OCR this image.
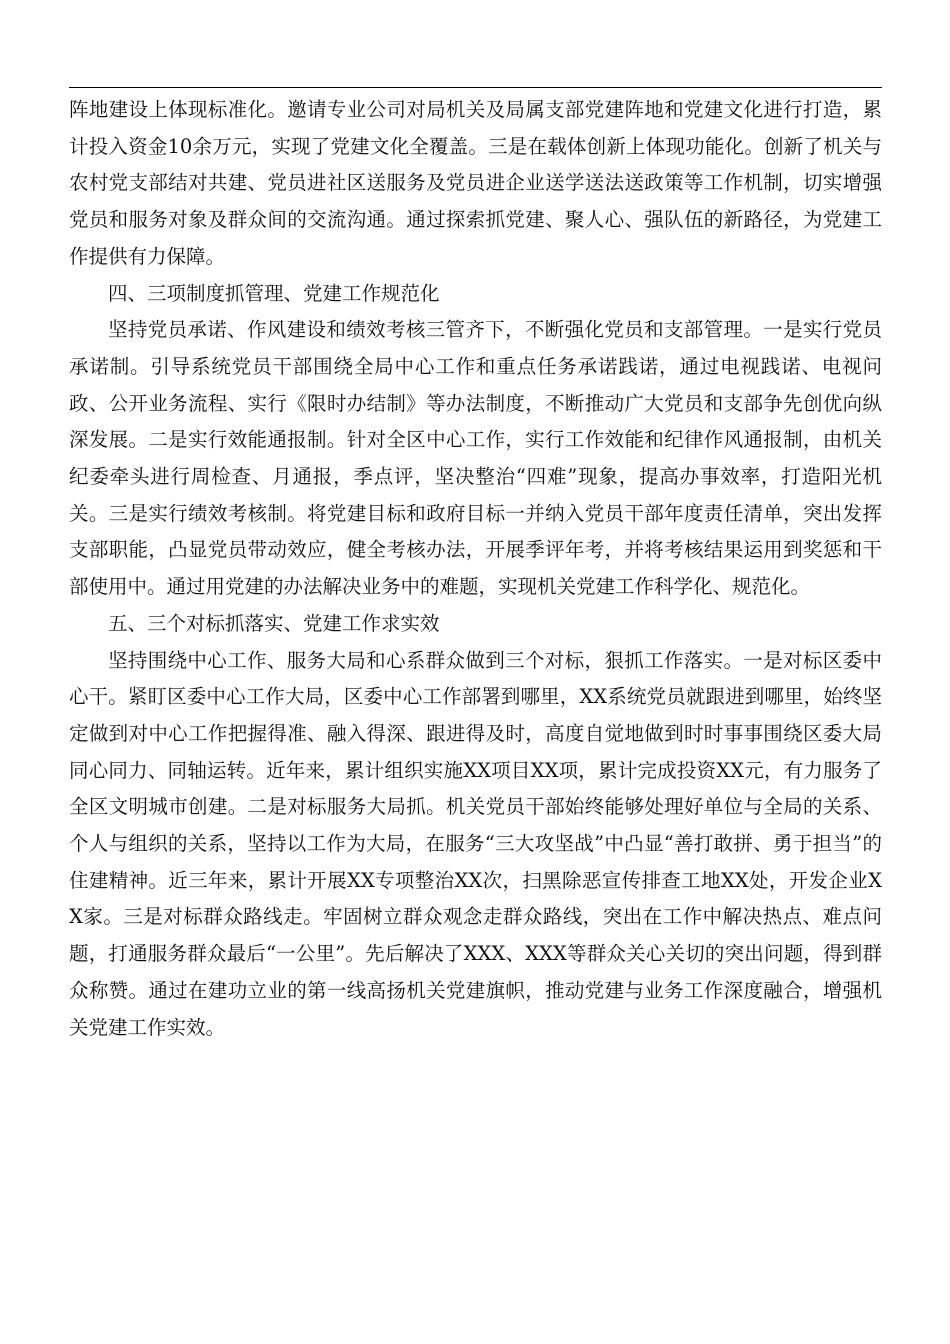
阵地建设上体现标准化。邀请专业公司对局机关及局属支部党建阵地和党建文化进行打造，累计投入资金10余万元，实现了党建文化全覆盖。三是在载体创新上体现功能化。创新了机关与农村党支部结对共建、党员进社区送服务及党员进企业送学送法送政策等工作机制，切实增强党员和服务对象及群众间的交流沟通。通过探索抓党建、聚人心、强队伍的新路径，为党建工作提供有力保障。

四、三项制度抓管理、党建工作规范化

坚持党员承诺、作风建设和绩效考核三管齐下，不断强化党员和支部管理。一是实行党员承诺制。引导系统党员干部围绕全局中心工作和重点任务承诺践诺，通过电视践诺、电视问政、公开业务流程、实行《限时办结制》等办法制度，不断推动广大党员和支部争先创优向纵深发展。二是实行效能通报制。针对全区中心工作，实行工作效能和纪律作风通报制，由机关纪委牵头进行周检查、月通报，季点评，坚决整治“四难”现象，提高办事效率，打造阳光机关。三是实行绩效考核制。将党建目标和政府目标一并纳入党员干部年度责任清单，突出发挥支部职能，凸显党员带动效应，健全考核办法，开展季评年考，并将考核结果运用到奖惩和干部使用中。通过用党建的办法解决业务中的难题，实现机关党建工作科学化、规范化。

五、三个对标抓落实、党建工作求实效

坚持围绕中心工作、服务大局和心系群众做到三个对标，狠抓工作落实。一是对标区委中心干。紧盯区委中心工作大局，区委中心工作部署到哪里，XX系统党员就跟进到哪里，始终坚定做到对中心工作把握得准、融入得深、跟进得及时，高度自觉地做到时时事事围绕区委大局同心同力、同轴运转。近年来，累计组织实施XX项目XX项，累计完成投资XX元，有力服务了全区文明城市创建。二是对标服务大局抓。机关党员干部始终能够处理好单位与全局的关系、个人与组织的关系，坚持以工作为大局，在服务“三大攻坚战”中凸显“善打敢拼、勇于担当”的住建精神。近三年来，累计开展XX专项整治XX次，扫黑除恶宣传排查工地XX处，开发企业XX家。三是对标群众路线走。牢固树立群众观念走群众路线，突出在工作中解决热点、难点问题，打通服务群众最后“一公里”。先后解决了XXX、XXX等群众关心关切的突出问题，得到群众称赞。通过在建功立业的第一线高扬机关党建旗帜，推动党建与业务工作深度融合，增强机关党建工作实效。
